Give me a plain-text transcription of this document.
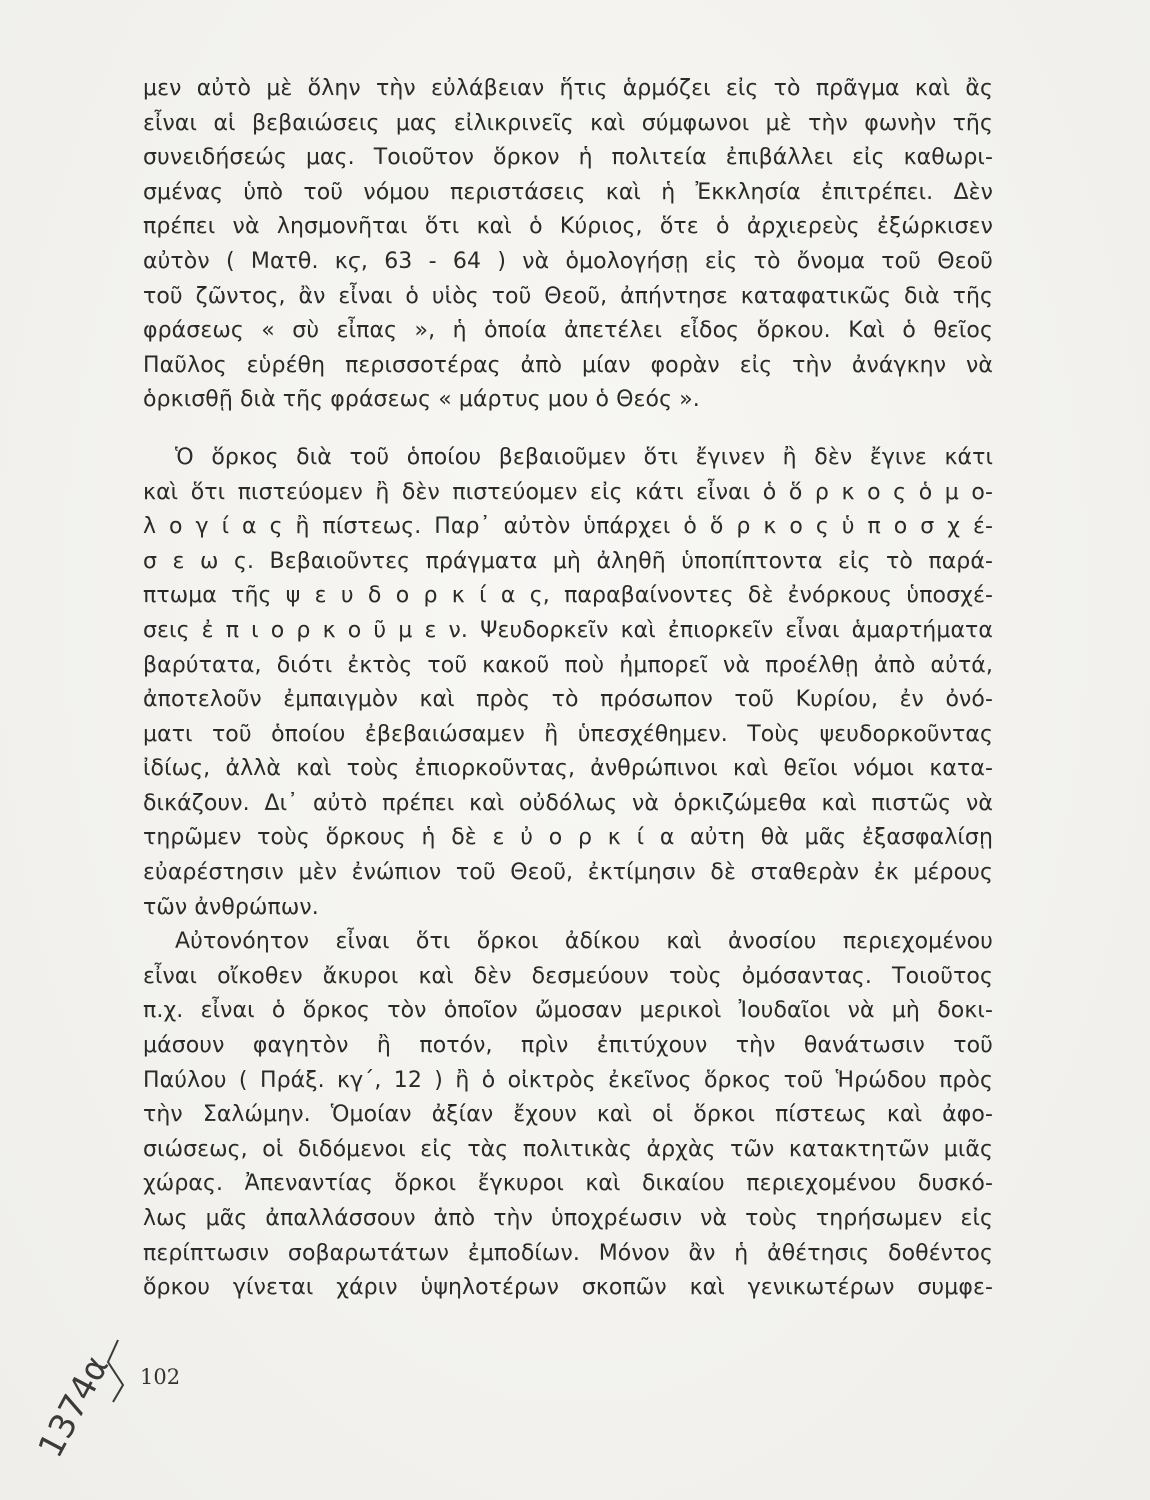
μεν αὐτὸ μὲ ὅλην τὴν εὐλάβειαν ἥτις ἁρμόζει εἰς τὸ πρᾶγμα καὶ ἂς
εἶναι αἱ βεβαιώσεις μας εἰλικρινεῖς καὶ σύμφωνοι μὲ τὴν φωνὴν τῆς
συνειδήσεώς μας. Τοιοῦτον ὅρκον ἡ πολιτεία ἐπιβάλλει εἰς καθωρι-
σμένας ὑπὸ τοῦ νόμου περιστάσεις καὶ ἡ Ἐκκλησία ἐπιτρέπει. Δὲν
πρέπει νὰ λησμονῆται ὅτι καὶ ὁ Κύριος, ὅτε ὁ ἀρχιερεὺς ἐξώρκισεν
αὐτὸν ( Ματθ. κϛ, 63 - 64 ) νὰ ὁμολογήσῃ εἰς τὸ ὄνομα τοῦ Θεοῦ
τοῦ ζῶντος, ἂν εἶναι ὁ υἱὸς τοῦ Θεοῦ, ἀπήντησε καταφατικῶς διὰ τῆς
φράσεως « σὺ εἶπας », ἡ ὁποία ἀπετέλει εἶδος ὅρκου. Καὶ ὁ θεῖος
Παῦλος εὑρέθη περισσοτέρας ἀπὸ μίαν φορὰν εἰς τὴν ἀνάγκην νὰ
ὁρκισθῇ διὰ τῆς φράσεως « μάρτυς μου ὁ Θεός ».
Ὁ ὅρκος διὰ τοῦ ὁποίου βεβαιοῦμεν ὅτι ἔγινεν ἢ δὲν ἔγινε κάτι
καὶ ὅτι πιστεύομεν ἢ δὲν πιστεύομεν εἰς κάτι εἶναι ὁ ὅ ρ κ ο ς ὁ μ ο-
λ ο γ ί α ς ἢ πίστεως. Παρ᾽ αὐτὸν ὑπάρχει ὁ ὅ ρ κ ο ς ὑ π ο σ χ έ-
σ ε ω ς. Βεβαιοῦντες πράγματα μὴ ἀληθῆ ὑποπίπτοντα εἰς τὸ παρά-
πτωμα τῆς ψ ε υ δ ο ρ κ ί α ς, παραβαίνοντες δὲ ἐνόρκους ὑποσχέ-
σεις ἐ π ι ο ρ κ ο ῦ μ ε ν. Ψευδορκεῖν καὶ ἐπιορκεῖν εἶναι ἁμαρτήματα
βαρύτατα, διότι ἐκτὸς τοῦ κακοῦ ποὺ ἠμπορεῖ νὰ προέλθῃ ἀπὸ αὐτά,
ἀποτελοῦν ἐμπαιγμὸν καὶ πρὸς τὸ πρόσωπον τοῦ Κυρίου, ἐν ὀνό-
ματι τοῦ ὁποίου ἐβεβαιώσαμεν ἢ ὑπεσχέθημεν. Τοὺς ψευδορκοῦντας
ἰδίως, ἀλλὰ καὶ τοὺς ἐπιορκοῦντας, ἀνθρώπινοι καὶ θεῖοι νόμοι κατα-
δικάζουν. Δι᾽ αὐτὸ πρέπει καὶ οὐδόλως νὰ ὁρκιζώμεθα καὶ πιστῶς νὰ
τηρῶμεν τοὺς ὅρκους ἡ δὲ ε ὐ ο ρ κ ί α αὐτη θὰ μᾶς ἐξασφαλίσῃ
εὐαρέστησιν μὲν ἐνώπιον τοῦ Θεοῦ, ἐκτίμησιν δὲ σταθερὰν ἐκ μέρους
τῶν ἀνθρώπων.
Αὐτονόητον εἶναι ὅτι ὅρκοι ἀδίκου καὶ ἀνοσίου περιεχομένου
εἶναι οἴκοθεν ἄκυροι καὶ δὲν δεσμεύουν τοὺς ὀμόσαντας. Τοιοῦτος
π.χ. εἶναι ὁ ὅρκος τὸν ὁποῖον ὤμοσαν μερικοὶ Ἰουδαῖοι νὰ μὴ δοκι-
μάσουν φαγητὸν ἢ ποτόν, πρὶν ἐπιτύχουν τὴν θανάτωσιν τοῦ
Παύλου ( Πράξ. κγ΄, 12 ) ἢ ὁ οἰκτρὸς ἐκεῖνος ὅρκος τοῦ Ἡρώδου πρὸς
τὴν Σαλώμην. Ὁμοίαν ἀξίαν ἔχουν καὶ οἱ ὅρκοι πίστεως καὶ ἀφο-
σιώσεως, οἱ διδόμενοι εἰς τὰς πολιτικὰς ἀρχὰς τῶν κατακτητῶν μιᾶς
χώρας. Ἀπεναντίας ὅρκοι ἔγκυροι καὶ δικαίου περιεχομένου δυσκό-
λως μᾶς ἀπαλλάσσουν ἀπὸ τὴν ὑποχρέωσιν νὰ τοὺς τηρήσωμεν εἰς
περίπτωσιν σοβαρωτάτων ἐμποδίων. Μόνον ἂν ἡ ἀθέτησις δοθέντος
ὅρκου γίνεται χάριν ὑψηλοτέρων σκοπῶν καὶ γενικωτέρων συμφε-
1374α 102
